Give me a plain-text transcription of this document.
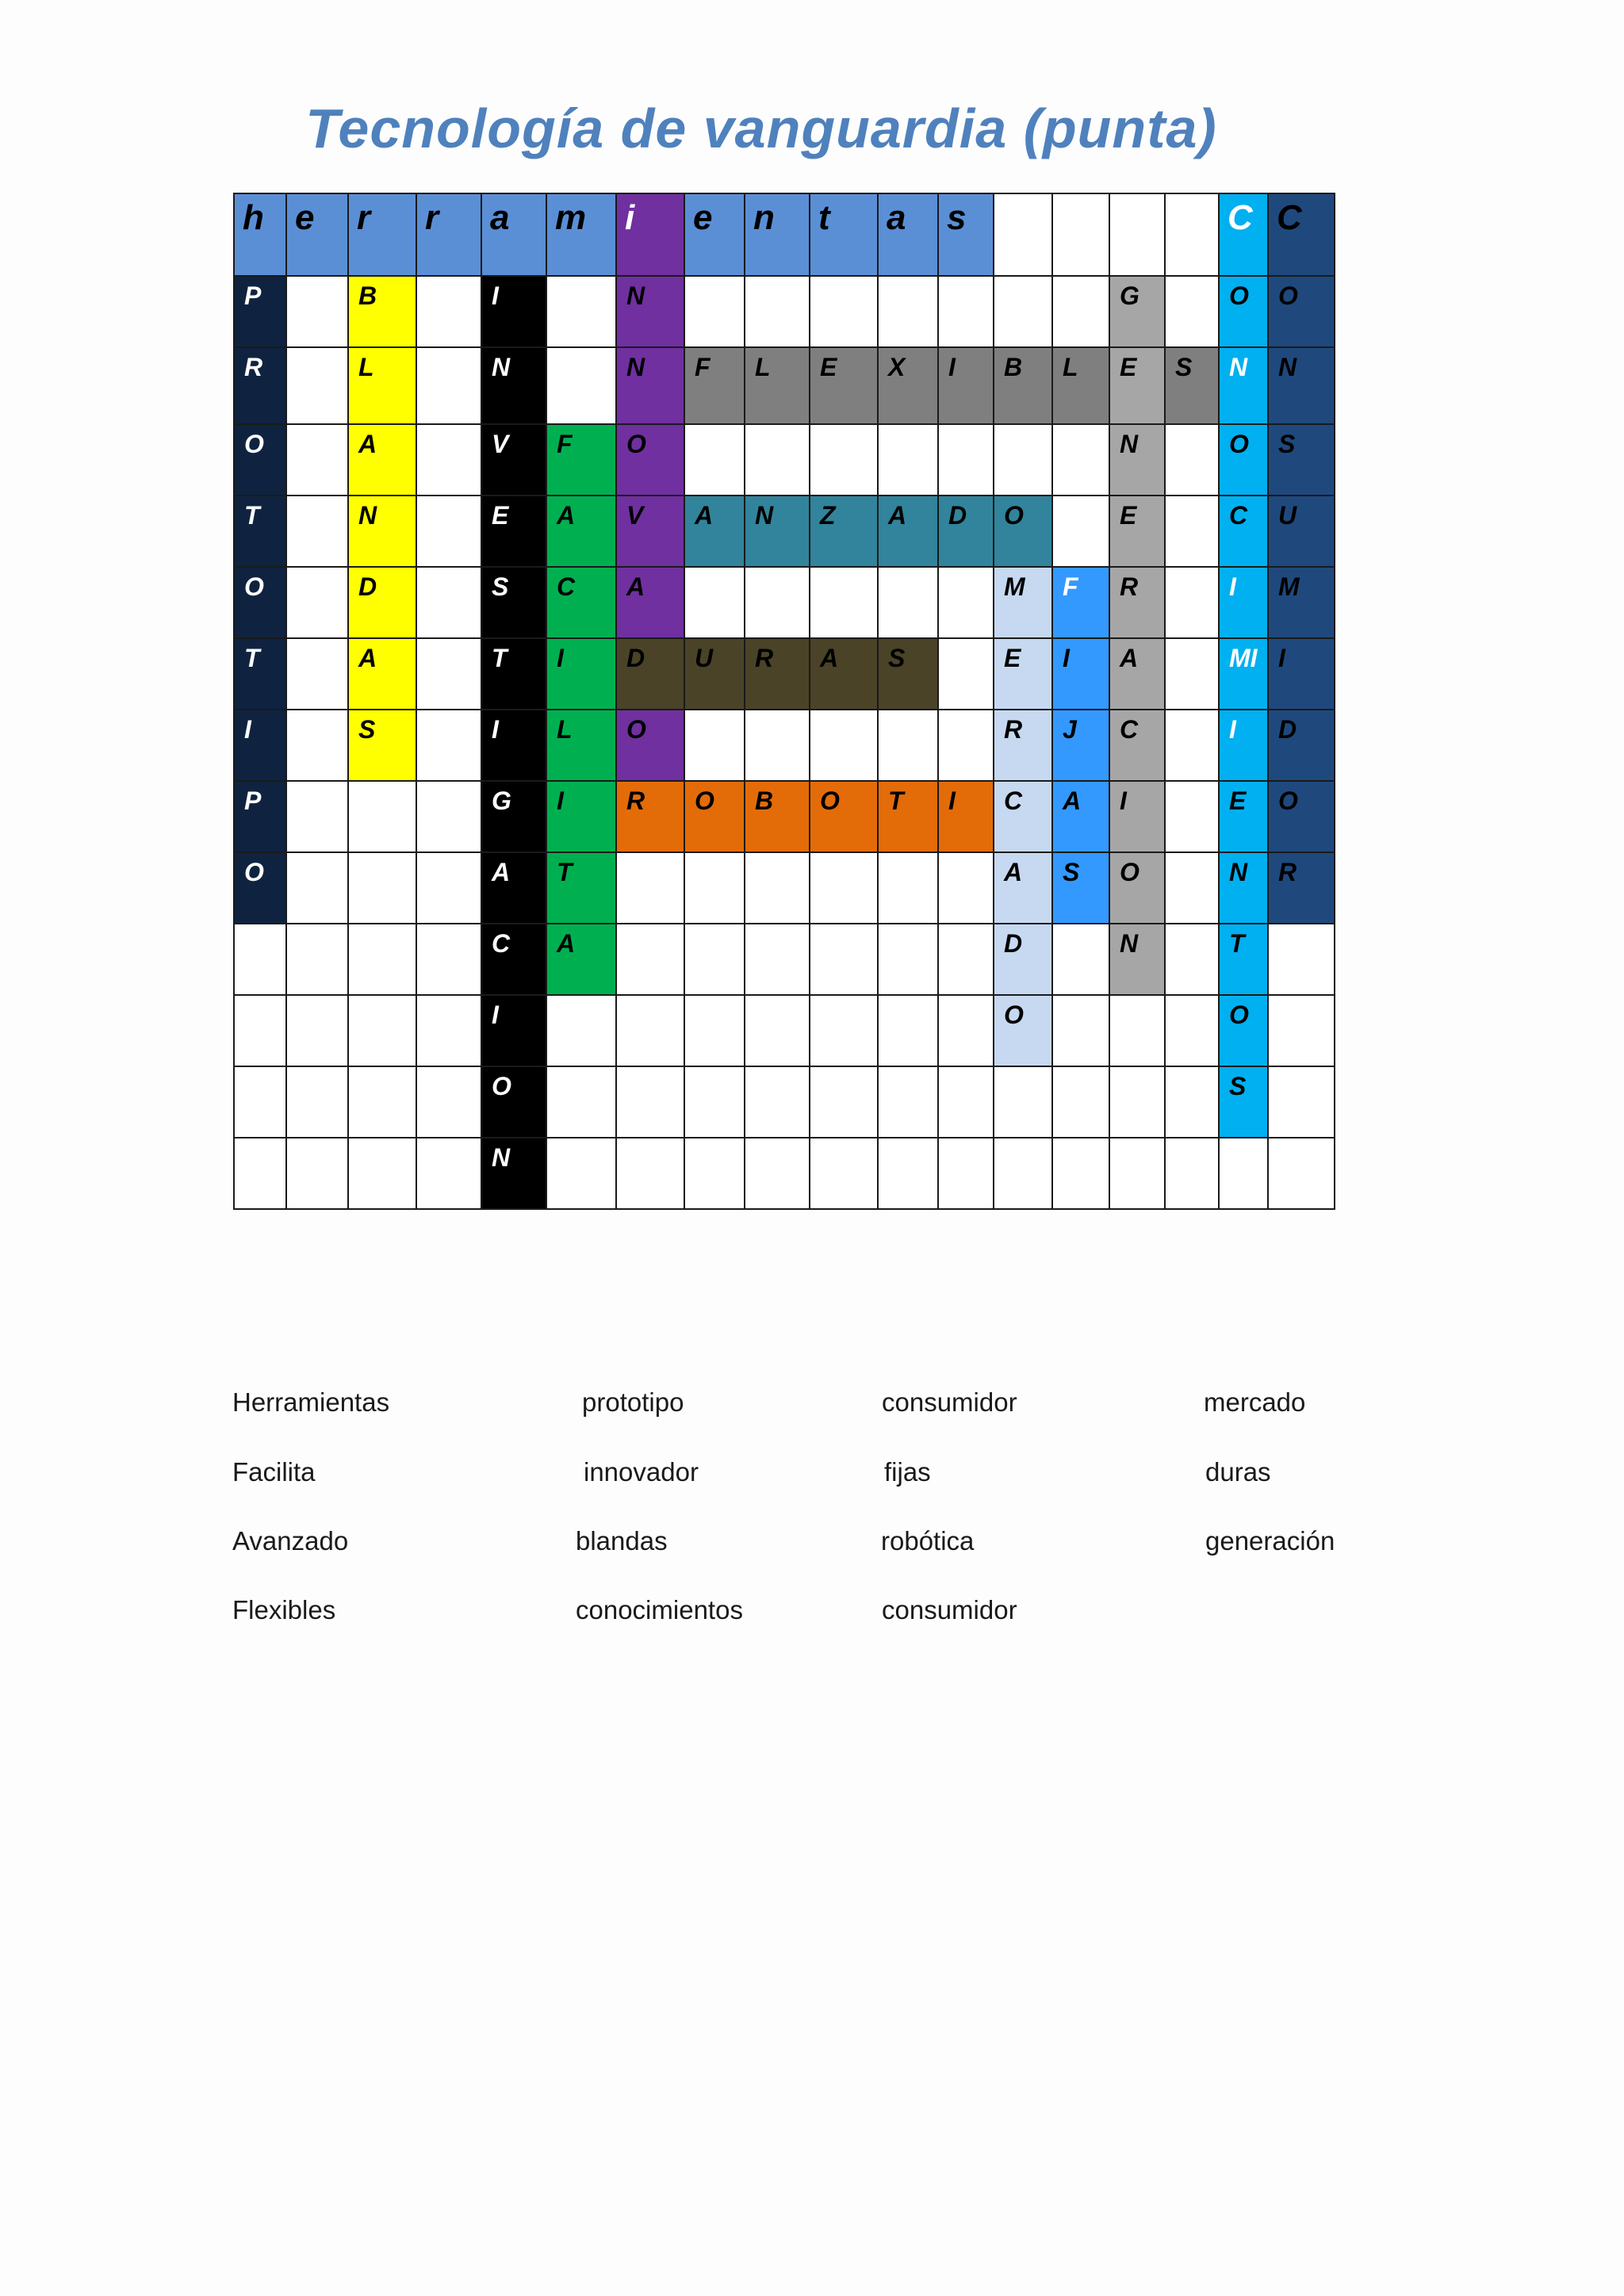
Tecnología de vanguardia (punta)
h	e	r	r	a	m	i	e	n	t	a	s					C	C

P		B		I		N								G		O	O

R		L		N		N	F	L	E	X	I	B	L	E	S	N	N

O		A		V	F	O								N		O	S

T		N		E	A	V	A	N	Z	A	D	O		E		C	U

O		D		S	C	A						M	F	R		I	M

T		A		T	I	D	U	R	A	S		E	I	A		MI	I

I		S		I	L	O						R	J	C		I	D

P				G	I	R	O	B	O	T	I	C	A	I		E	O

O				A	T							A	S	O		N	R

				C	A							D		N		T	

				I								O				O	

				O												S	

				N													

Herramientas
Facilita
Avanzado
Flexibles
prototipo
innovador
blandas
conocimientos
consumidor
fijas
robótica
consumidor
mercado
duras
generación
